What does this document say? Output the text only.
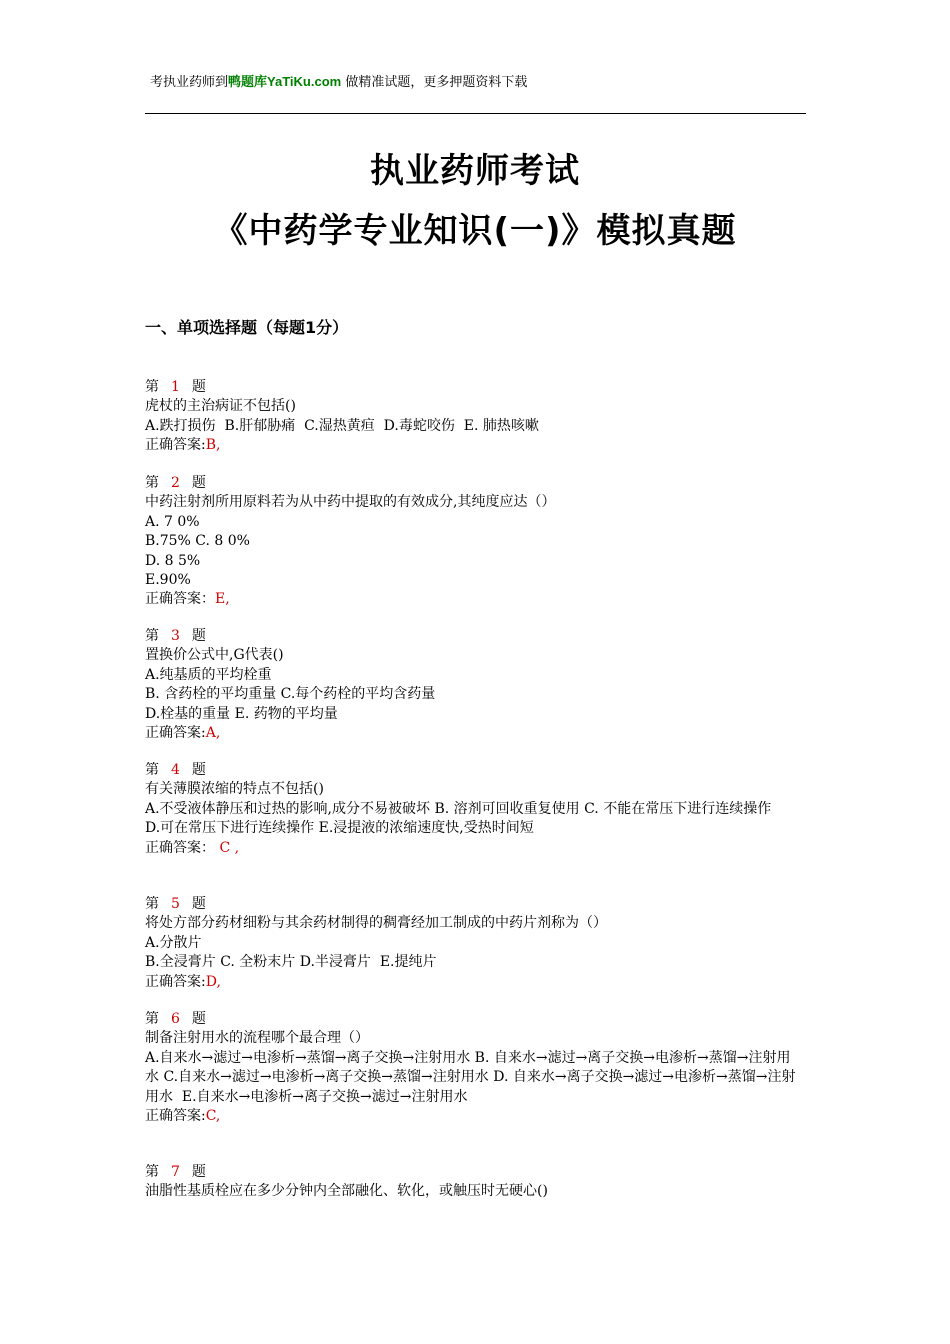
考执业药师到鸭题库YaTiKu.com 做精准试题，更多押题资料下载
执业药师考试
《中药学专业知识(一)》模拟真题
一、单项选择题（每题1分）
第 1 题
虎杖的主治病证不包括()
A.跌打损伤  B.肝郁胁痛  C.湿热黄疸  D.毒蛇咬伤  E. 肺热咳嗽
正确答案:B,
第 2 题
中药注射剂所用原料若为从中药中提取的有效成分,其纯度应达（）
A. 7 0%
B.75% C. 8 0%
D. 8 5%
E.90%
正确答案：E,
第 3 题
置换价公式中,G代表()
A.纯基质的平均栓重
B. 含药栓的平均重量 C.每个药栓的平均含药量
D.栓基的重量 E. 药物的平均量
正确答案:A,
第 4 题
有关薄膜浓缩的特点不包括()
A.不受液体静压和过热的影响,成分不易被破坏 B. 溶剂可回收重复使用 C. 不能在常压下进行连续操作
D.可在常压下进行连续操作 E.浸提液的浓缩速度快,受热时间短
正确答案： C ,
第 5 题
将处方部分药材细粉与其余药材制得的稠膏经加工制成的中药片剂称为（）
A.分散片
B.全浸膏片 C. 全粉末片 D.半浸膏片  E.提纯片
正确答案:D,
第 6 题
制备注射用水的流程哪个最合理（）
A.自来水→滤过→电渗析→蒸馏→离子交换→注射用水 B. 自来水→滤过→离子交换→电渗析→蒸馏→注射用水 C.自来水→滤过→电渗析→离子交换→蒸馏→注射用水 D. 自来水→离子交换→滤过→电渗析→蒸馏→注射用水  E.自来水→电渗析→离子交换→滤过→注射用水
正确答案:C,
第 7 题
油脂性基质栓应在多少分钟内全部融化、软化，或触压时无硬心()
